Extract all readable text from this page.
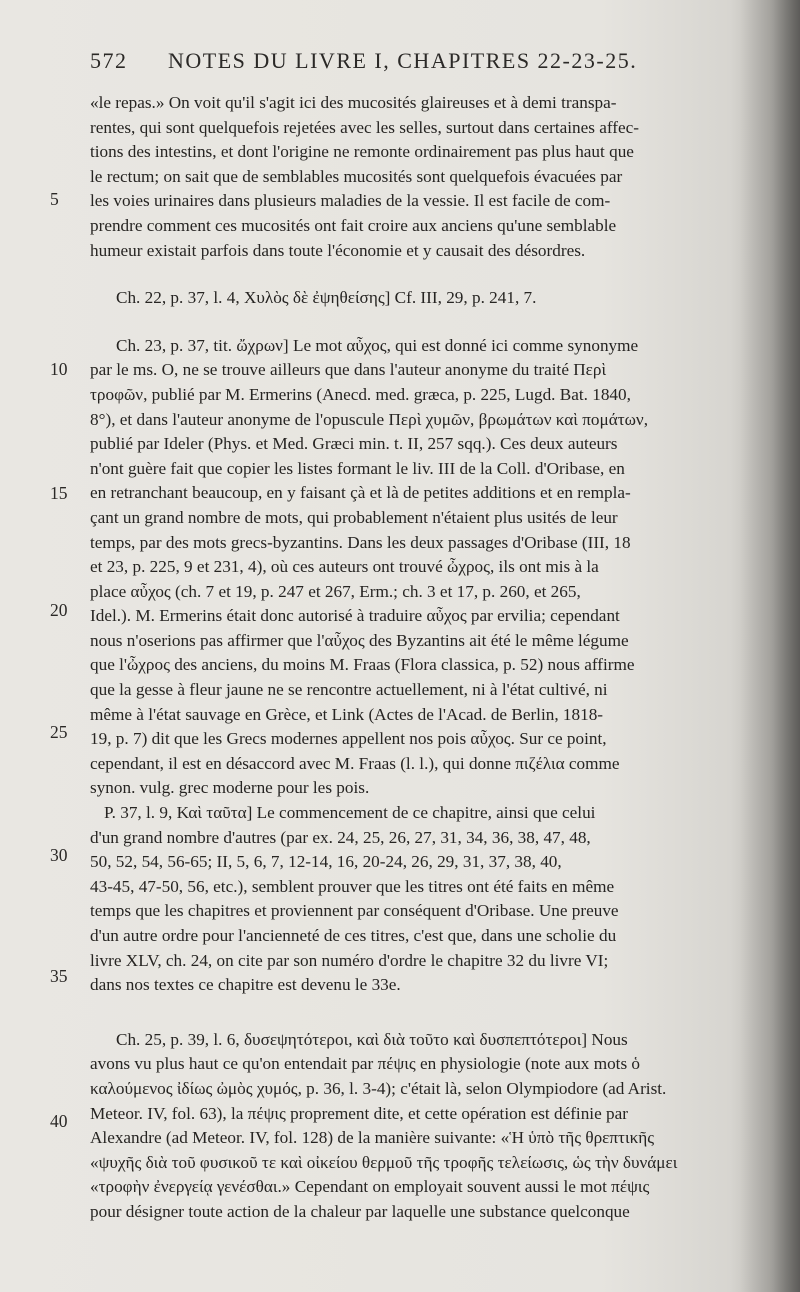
572 NOTES DU LIVRE I, CHAPITRES 22-23-25.
5
10
15
20
25
30
35
40
«le repas.» On voit qu'il s'agit ici des mucosités glaireuses et à demi transpa-
rentes, qui sont quelquefois rejetées avec les selles, surtout dans certaines affec-
tions des intestins, et dont l'origine ne remonte ordinairement pas plus haut que
le rectum; on sait que de semblables mucosités sont quelquefois évacuées par
les voies urinaires dans plusieurs maladies de la vessie. Il est facile de com-
prendre comment ces mucosités ont fait croire aux anciens qu'une semblable
humeur existait parfois dans toute l'économie et y causait des désordres.
Ch. 22, p. 37, l. 4, Χυλὸς δὲ ἐψηθείσης] Cf. III, 29, p. 241, 7.
Ch. 23, p. 37, tit. ὤχρων] Le mot αὖχος, qui est donné ici comme synonyme
par le ms. O, ne se trouve ailleurs que dans l'auteur anonyme du traité Περὶ
τροφῶν, publié par M. Ermerins (Anecd. med. græca, p. 225, Lugd. Bat. 1840,
8°), et dans l'auteur anonyme de l'opuscule Περὶ χυμῶν, βρωμάτων καὶ πομάτων,
publié par Ideler (Phys. et Med. Græci min. t. II, 257 sqq.). Ces deux auteurs
n'ont guère fait que copier les listes formant le liv. III de la Coll. d'Oribase, en
en retranchant beaucoup, en y faisant çà et là de petites additions et en rempla-
çant un grand nombre de mots, qui probablement n'étaient plus usités de leur
temps, par des mots grecs-byzantins. Dans les deux passages d'Oribase (III, 18
et 23, p. 225, 9 et 231, 4), où ces auteurs ont trouvé ὦχρος, ils ont mis à la
place αὖχος (ch. 7 et 19, p. 247 et 267, Erm.; ch. 3 et 17, p. 260, et 265,
Idel.). M. Ermerins était donc autorisé à traduire αὖχος par ervilia; cependant
nous n'oserions pas affirmer que l'αὖχος des Byzantins ait été le même légume
que l'ὦχρος des anciens, du moins M. Fraas (Flora classica, p. 52) nous affirme
que la gesse à fleur jaune ne se rencontre actuellement, ni à l'état cultivé, ni
même à l'état sauvage en Grèce, et Link (Actes de l'Acad. de Berlin, 1818-
19, p. 7) dit que les Grecs modernes appellent nos pois αὖχος. Sur ce point,
cependant, il est en désaccord avec M. Fraas (l. l.), qui donne πιζέλια comme
synon. vulg. grec moderne pour les pois.
P. 37, l. 9, Καὶ ταῦτα] Le commencement de ce chapitre, ainsi que celui
d'un grand nombre d'autres (par ex. 24, 25, 26, 27, 31, 34, 36, 38, 47, 48,
50, 52, 54, 56-65; II, 5, 6, 7, 12-14, 16, 20-24, 26, 29, 31, 37, 38, 40,
43-45, 47-50, 56, etc.), semblent prouver que les titres ont été faits en même
temps que les chapitres et proviennent par conséquent d'Oribase. Une preuve
d'un autre ordre pour l'ancienneté de ces titres, c'est que, dans une scholie du
livre XLV, ch. 24, on cite par son numéro d'ordre le chapitre 32 du livre VI;
dans nos textes ce chapitre est devenu le 33e.
Ch. 25, p. 39, l. 6, δυσεψητότεροι, καὶ διὰ τοῦτο καὶ δυσπεπτότεροι] Nous
avons vu plus haut ce qu'on entendait par πέψις en physiologie (note aux mots ὁ
καλούμενος ἰδίως ὠμὸς χυμός, p. 36, l. 3-4); c'était là, selon Olympiodore (ad Arist.
Meteor. IV, fol. 63), la πέψις proprement dite, et cette opération est définie par
Alexandre (ad Meteor. IV, fol. 128) de la manière suivante: «Ἡ ὑπὸ τῆς θρεπτικῆς
«ψυχῆς διὰ τοῦ φυσικοῦ τε καὶ οἰκείου θερμοῦ τῆς τροφῆς τελείωσις, ὡς τὴν δυνάμει
«τροφὴν ἐνεργείᾳ γενέσθαι.» Cependant on employait souvent aussi le mot πέψις
pour désigner toute action de la chaleur par laquelle une substance quelconque
